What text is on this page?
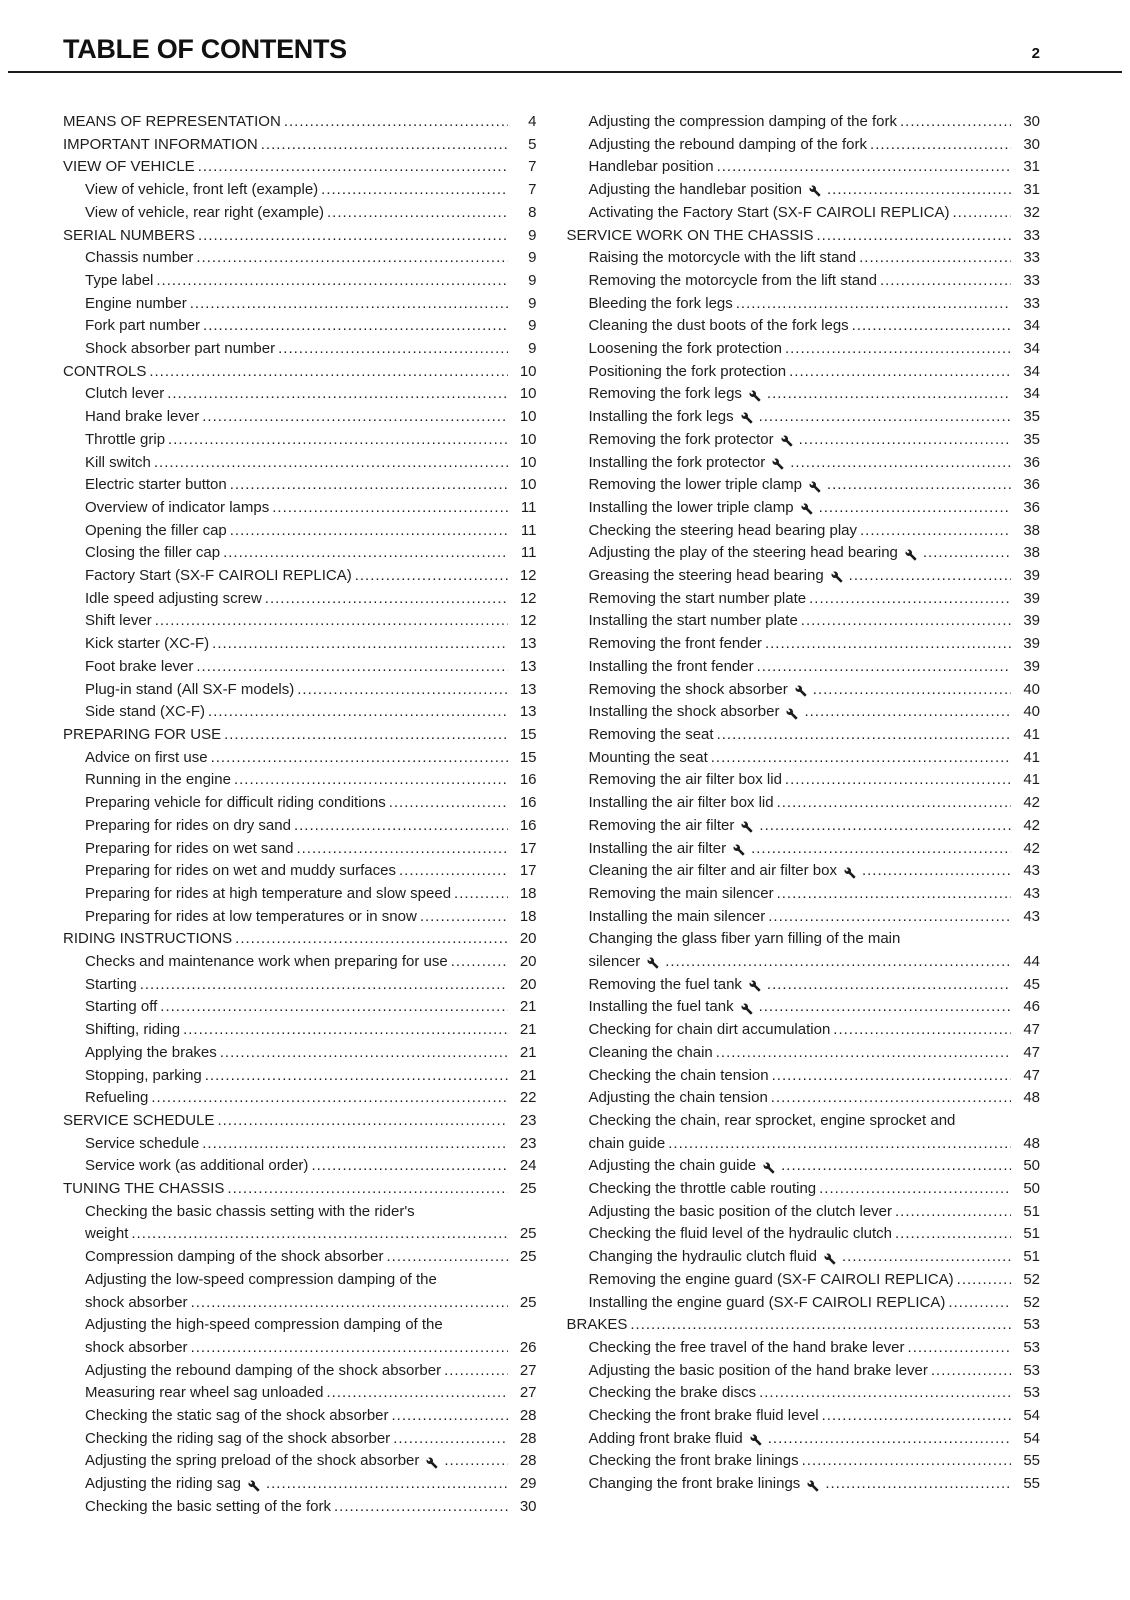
TABLE OF CONTENTS	2
MEANS OF REPRESENTATION .....	4
IMPORTANT INFORMATION .....	5
VIEW OF VEHICLE .....	7
View of vehicle, front left (example) .....	7
View of vehicle, rear right (example) .....	8
SERIAL NUMBERS .....	9
Chassis number .....	9
Type label .....	9
Engine number .....	9
Fork part number .....	9
Shock absorber part number .....	9
CONTROLS .....	10
Clutch lever .....	10
Hand brake lever .....	10
Throttle grip .....	10
Kill switch .....	10
Electric starter button .....	10
Overview of indicator lamps .....	11
Opening the filler cap .....	11
Closing the filler cap .....	11
Factory Start (SX-F CAIROLI REPLICA) .....	12
Idle speed adjusting screw .....	12
Shift lever .....	12
Kick starter (XC-F) .....	13
Foot brake lever .....	13
Plug-in stand (All SX-F models) .....	13
Side stand (XC-F) .....	13
PREPARING FOR USE .....	15
Advice on first use .....	15
Running in the engine .....	16
Preparing vehicle for difficult riding conditions .....	16
Preparing for rides on dry sand .....	16
Preparing for rides on wet sand .....	17
Preparing for rides on wet and muddy surfaces .....	17
Preparing for rides at high temperature and slow speed .....	18
Preparing for rides at low temperatures or in snow .....	18
RIDING INSTRUCTIONS .....	20
Checks and maintenance work when preparing for use .....	20
Starting .....	20
Starting off .....	21
Shifting, riding .....	21
Applying the brakes .....	21
Stopping, parking .....	21
Refueling .....	22
SERVICE SCHEDULE .....	23
Service schedule .....	23
Service work (as additional order) .....	24
TUNING THE CHASSIS .....	25
Checking the basic chassis setting with the rider's
weight .....	25
Compression damping of the shock absorber .....	25
Adjusting the low-speed compression damping of the
shock absorber .....	25
Adjusting the high-speed compression damping of the
shock absorber .....	26
Adjusting the rebound damping of the shock absorber .....	27
Measuring rear wheel sag unloaded .....	27
Checking the static sag of the shock absorber .....	28
Checking the riding sag of the shock absorber .....	28
Adjusting the spring preload of the shock absorber .....	28
Adjusting the riding sag .....	29
Checking the basic setting of the fork .....	30
Adjusting the compression damping of the fork .....	30
Adjusting the rebound damping of the fork .....	30
Handlebar position .....	31
Adjusting the handlebar position .....	31
Activating the Factory Start (SX-F CAIROLI REPLICA) .....	32
SERVICE WORK ON THE CHASSIS .....	33
Raising the motorcycle with the lift stand .....	33
Removing the motorcycle from the lift stand .....	33
Bleeding the fork legs .....	33
Cleaning the dust boots of the fork legs .....	34
Loosening the fork protection .....	34
Positioning the fork protection .....	34
Removing the fork legs .....	34
Installing the fork legs .....	35
Removing the fork protector .....	35
Installing the fork protector .....	36
Removing the lower triple clamp .....	36
Installing the lower triple clamp .....	36
Checking the steering head bearing play .....	38
Adjusting the play of the steering head bearing .....	38
Greasing the steering head bearing .....	39
Removing the start number plate .....	39
Installing the start number plate .....	39
Removing the front fender .....	39
Installing the front fender .....	39
Removing the shock absorber .....	40
Installing the shock absorber .....	40
Removing the seat .....	41
Mounting the seat .....	41
Removing the air filter box lid .....	41
Installing the air filter box lid .....	42
Removing the air filter .....	42
Installing the air filter .....	42
Cleaning the air filter and air filter box .....	43
Removing the main silencer .....	43
Installing the main silencer .....	43
Changing the glass fiber yarn filling of the main
silencer .....	44
Removing the fuel tank .....	45
Installing the fuel tank .....	46
Checking for chain dirt accumulation .....	47
Cleaning the chain .....	47
Checking the chain tension .....	47
Adjusting the chain tension .....	48
Checking the chain, rear sprocket, engine sprocket and
chain guide .....	48
Adjusting the chain guide .....	50
Checking the throttle cable routing .....	50
Adjusting the basic position of the clutch lever .....	51
Checking the fluid level of the hydraulic clutch .....	51
Changing the hydraulic clutch fluid .....	51
Removing the engine guard (SX-F CAIROLI REPLICA) .....	52
Installing the engine guard (SX-F CAIROLI REPLICA) .....	52
BRAKES .....	53
Checking the free travel of the hand brake lever .....	53
Adjusting the basic position of the hand brake lever .....	53
Checking the brake discs .....	53
Checking the front brake fluid level .....	54
Adding front brake fluid .....	54
Checking the front brake linings .....	55
Changing the front brake linings .....	55
